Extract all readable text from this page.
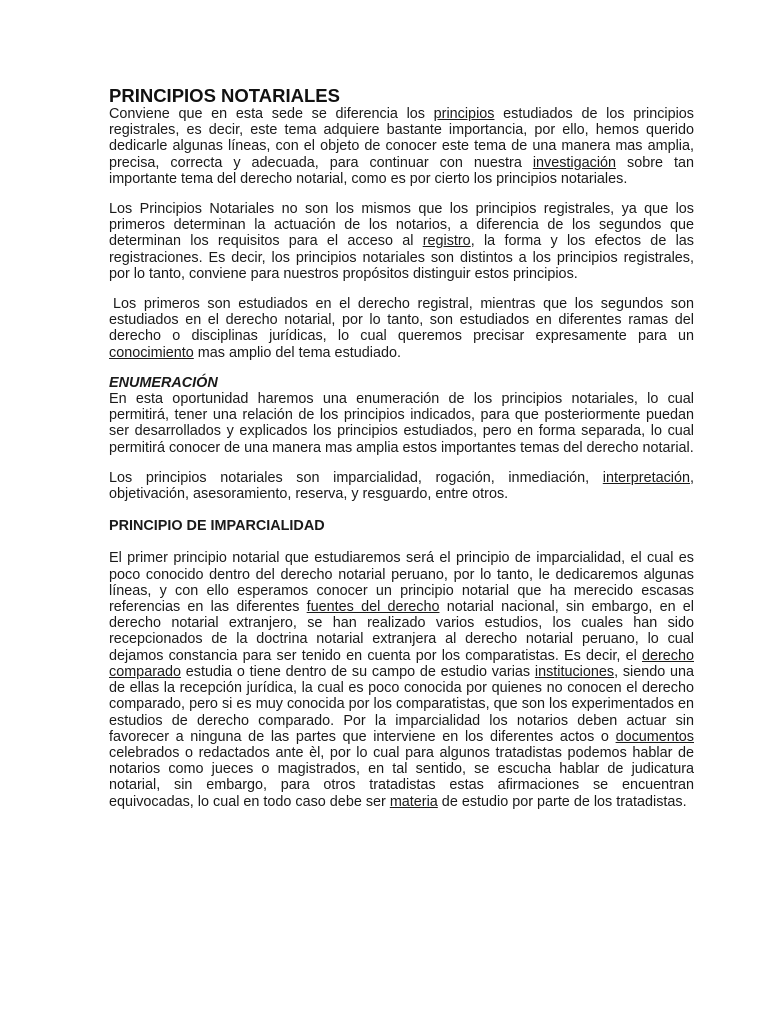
PRINCIPIOS NOTARIALES

Conviene que en esta sede se diferencia los principios estudiados de los principios registrales, es decir, este tema adquiere bastante importancia, por ello, hemos querido dedicarle algunas líneas, con el objeto de conocer este tema de una manera mas amplia, precisa, correcta y adecuada, para continuar con nuestra investigación sobre tan importante tema del derecho notarial, como es por cierto los principios notariales.

Los Principios Notariales no son los mismos que los principios registrales, ya que los primeros determinan la actuación de los notarios, a diferencia de los segundos que determinan los requisitos para el acceso al registro, la forma y los efectos de las registraciones. Es decir, los principios notariales son distintos a los principios registrales, por lo tanto, conviene para nuestros propósitos distinguir estos principios.

Los primeros son estudiados en el derecho registral, mientras que los segundos son estudiados en el derecho notarial, por lo tanto, son estudiados en diferentes ramas del derecho o disciplinas jurídicas, lo cual queremos precisar expresamente para un conocimiento mas amplio del tema estudiado.

ENUMERACIÓN

En esta oportunidad haremos una enumeración de los principios notariales, lo cual permitirá, tener una relación de los principios indicados, para que posteriormente puedan ser desarrollados y explicados los principios estudiados, pero en forma separada, lo cual permitirá conocer de una manera mas amplia estos importantes temas del derecho notarial.

Los principios notariales son imparcialidad, rogación, inmediación, interpretación, objetivación, asesoramiento, reserva, y resguardo, entre otros.

PRINCIPIO DE IMPARCIALIDAD

El primer principio notarial que estudiaremos será el principio de imparcialidad, el cual es poco conocido dentro del derecho notarial peruano, por lo tanto, le dedicaremos algunas líneas, y con ello esperamos conocer un principio notarial que ha merecido escasas referencias en las diferentes fuentes del derecho notarial nacional, sin embargo, en el derecho notarial extranjero, se han realizado varios estudios, los cuales han sido recepcionados de la doctrina notarial extranjera al derecho notarial peruano, lo cual dejamos constancia para ser tenido en cuenta por los comparatistas. Es decir, el derecho comparado estudia o tiene dentro de su campo de estudio varias instituciones, siendo una de ellas la recepción jurídica, la cual es poco conocida por quienes no conocen el derecho comparado, pero si es muy conocida por los comparatistas, que son los experimentados en estudios de derecho comparado. Por la imparcialidad los notarios deben actuar sin favorecer a ninguna de las partes que interviene en los diferentes actos o documentos celebrados o redactados ante èl, por lo cual para algunos tratadistas podemos hablar de notarios como jueces o magistrados, en tal sentido, se escucha hablar de judicatura notarial, sin embargo, para otros tratadistas estas afirmaciones se encuentran equivocadas, lo cual en todo caso debe ser materia de estudio por parte de los tratadistas.
